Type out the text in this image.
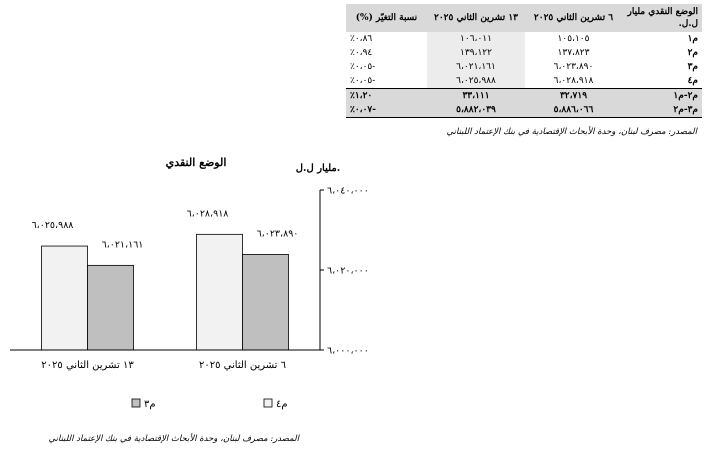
الوضع النقدي مليار ل.ل.	٦ تشرين الثاني ٢٠٢٥	١٣ تشرين الثاني ٢٠٢٥	نسبة التغيّر (%)
م١	١٠٥،١٠٥	١٠٦،٠١١	٠،٨٦٪
م٢	١٣٧،٨٢٣	١٣٩،١٢٢	٠،٩٤٪
م٣	٦،٠٢٣،٨٩٠	٦،٠٢١،١٦١	-٠،٠٥٪
م٤	٦،٠٢٨،٩١٨	٦،٠٢٥،٩٨٨	-٠،٠٥٪
م٢-م١	٣٢،٧١٩	٣٣،١١١	١،٢٠٪
م٣-م٢	٥،٨٨٦،٠٦٦	٥،٨٨٢،٠٣٩	-٠،٠٧٪
المصدر: مصرف لبنان، وحدة الأبحاث الإقتصادية في بنك الإعتماد اللبناني
الوضع النقدي	مليار ل.ل.
٦،٠٢٨،٩١٨
٦،٠٢٣،٨٩٠
٦،٠٢٥،٩٨٨
٦،٠٢١،١٦١
٦ تشرين الثاني ٢٠٢٥
١٣ تشرين الثاني ٢٠٢٥
٦،٠٠٠،٠٠٠
٦،٠٢٠،٠٠٠
٦،٠٤٠،٠٠٠
م٤
م٣
المصدر: مصرف لبنان، وحدة الأبحاث الإقتصادية في بنك الإعتماد اللبناني
